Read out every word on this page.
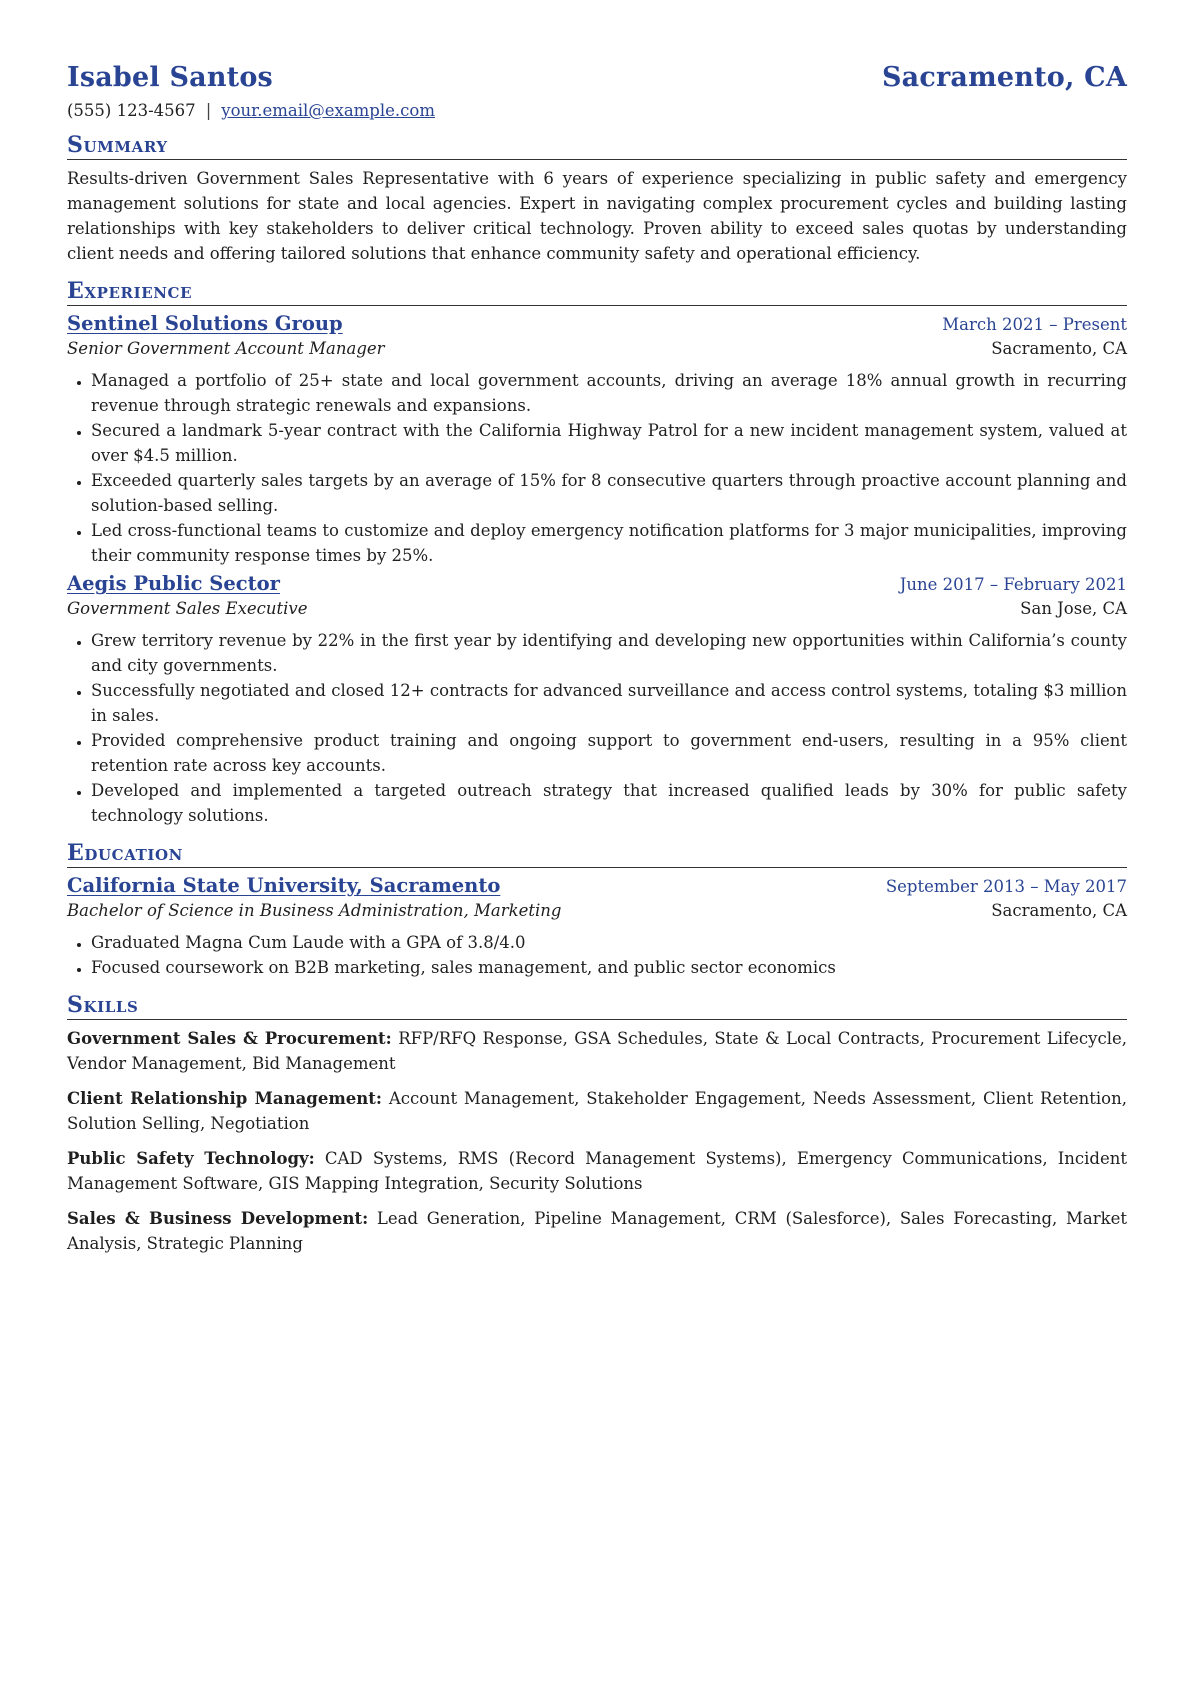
Isabel Santos	Sacramento, CA
(555) 123-4567 | your.email@example.com
Summary
Results-driven Government Sales Representative with 6 years of experience specializing in public safety and emergency management solutions for state and local agencies. Expert in navigating complex procurement cycles and building lasting relationships with key stakeholders to deliver critical technology. Proven ability to exceed sales quotas by understanding client needs and offering tailored solutions that enhance community safety and operational efficiency.
Experience
Sentinel Solutions Group	March 2021 – Present
Senior Government Account Manager	Sacramento, CA
• Managed a portfolio of 25+ state and local government accounts, driving an average 18% annual growth in recurring revenue through strategic renewals and expansions.
• Secured a landmark 5-year contract with the California Highway Patrol for a new incident management system, valued at over $4.5 million.
• Exceeded quarterly sales targets by an average of 15% for 8 consecutive quarters through proactive account planning and solution-based selling.
• Led cross-functional teams to customize and deploy emergency notification platforms for 3 major municipalities, improving their community response times by 25%.
Aegis Public Sector	June 2017 – February 2021
Government Sales Executive	San Jose, CA
• Grew territory revenue by 22% in the first year by identifying and developing new opportunities within California’s county and city governments.
• Successfully negotiated and closed 12+ contracts for advanced surveillance and access control systems, totaling $3 million in sales.
• Provided comprehensive product training and ongoing support to government end-users, resulting in a 95% client retention rate across key accounts.
• Developed and implemented a targeted outreach strategy that increased qualified leads by 30% for public safety technology solutions.
Education
California State University, Sacramento	September 2013 – May 2017
Bachelor of Science in Business Administration, Marketing	Sacramento, CA
• Graduated Magna Cum Laude with a GPA of 3.8/4.0
• Focused coursework on B2B marketing, sales management, and public sector economics
Skills
Government Sales & Procurement: RFP/RFQ Response, GSA Schedules, State & Local Contracts, Procurement Lifecycle, Vendor Management, Bid Management
Client Relationship Management: Account Management, Stakeholder Engagement, Needs Assessment, Client Retention, Solution Selling, Negotiation
Public Safety Technology: CAD Systems, RMS (Record Management Systems), Emergency Communications, Incident Management Software, GIS Mapping Integration, Security Solutions
Sales & Business Development: Lead Generation, Pipeline Management, CRM (Salesforce), Sales Forecasting, Market Analysis, Strategic Planning
